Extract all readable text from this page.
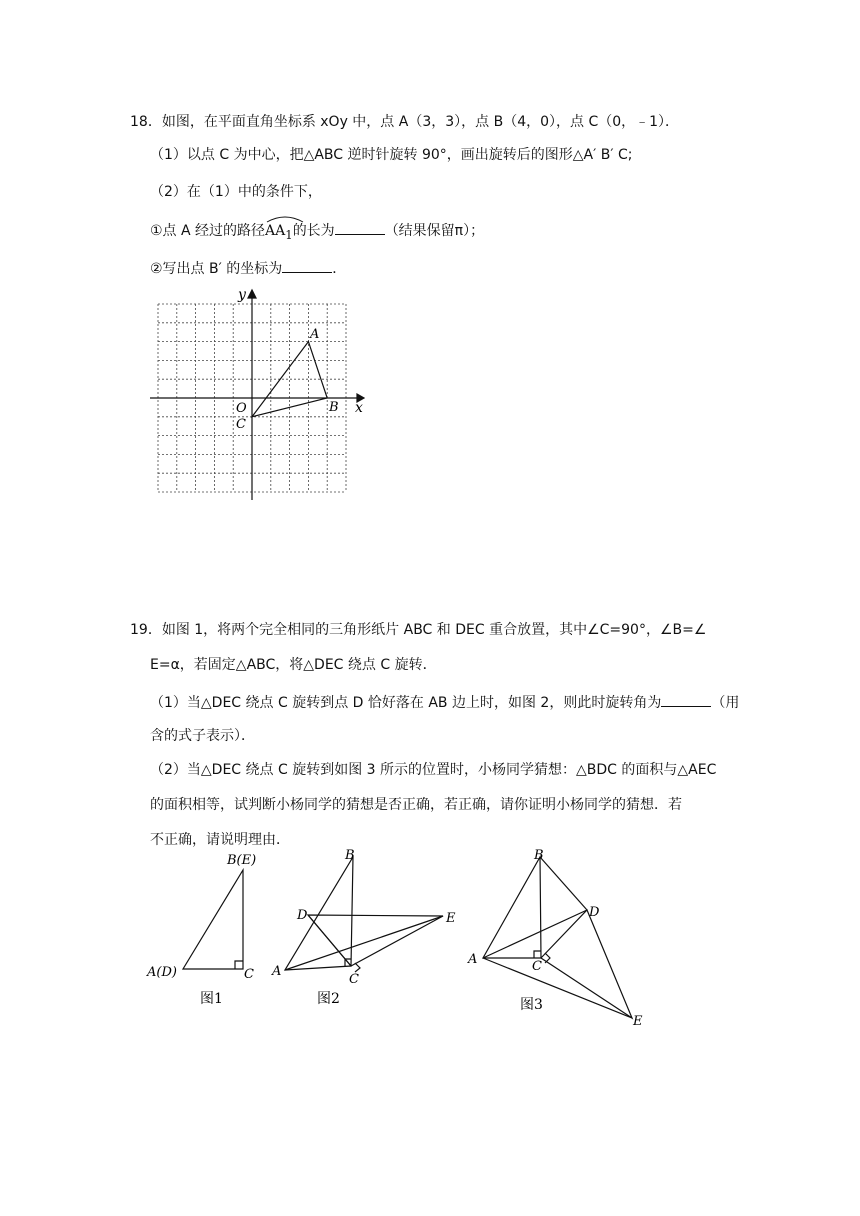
18．如图，在平面直角坐标系 xOy 中，点 A（3，3），点 B（4，0），点 C（0，﹣1）．
（1）以点 C 为中心，把△ABC 逆时针旋转 90°，画出旋转后的图形△A′ B′ C;
（2）在（1）中的条件下，
①点 A 经过的路径
$AA_1$的长为	（结果保留π）；
②写出点 B′ 的坐标为	．
y
x
O
A
B
C
19．如图 1，将两个完全相同的三角形纸片 ABC 和 DEC 重合放置，其中∠C=90°，∠B=∠
E=α，若固定△ABC，将△DEC 绕点 C 旋转．
（1）当△DEC 绕点 C 旋转到点 D 恰好落在 AB 边上时，如图 2，则此时旋转角为	（用
含的式子表示）．
（2）当△DEC 绕点 C 旋转到如图 3 所示的位置时，小杨同学猜想：△BDC 的面积与△AEC
的面积相等，试判断小杨同学的猜想是否正确，若正确，请你证明小杨同学的猜想．若
不正确，请说明理由．
B(E)
A(D)	C
图1
B
D	E
A
C
图2
B
D
A	C
E
图3
